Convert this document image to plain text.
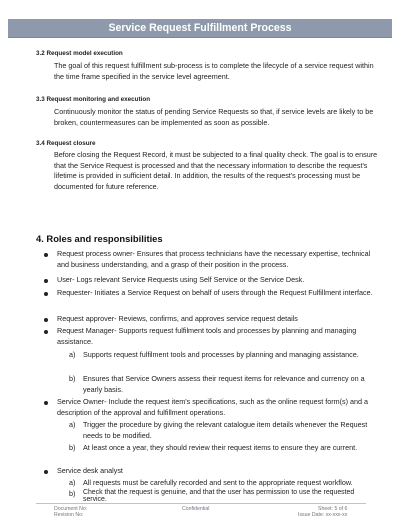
Service Request Fulfillment Process
3.2 Request model execution
The goal of this request fulfillment sub-process is to complete the lifecycle of a service request within the time frame specified in the service level agreement.
3.3 Request monitoring and execution
Continuously monitor the status of pending Service Requests so that, if service levels are likely to be broken, countermeasures can be implemented as soon as possible.
3.4 Request closure
Before closing the Request Record, it must be subjected to a final quality check. The goal is to ensure that the Service Request is processed and that the necessary information to describe the request's lifetime is provided in sufficient detail. In addition, the results of the request's processing must be documented for future reference.
4. Roles and responsibilities
Request process owner- Ensures that process technicians have the necessary expertise, technical and business understanding, and a grasp of their position in the process.
User- Logs relevant Service Requests using Self Service or the Service Desk.
Requester- Initiates a Service Request on behalf of users through the Request Fulfillment interface.
Request approver- Reviews, confirms, and approves service request details
Request Manager- Supports request fulfilment tools and processes by planning and managing assistance.
a) Supports request fulfilment tools and processes by planning and managing assistance.
b) Ensures that Service Owners assess their request items for relevance and currency on a yearly basis.
Service Owner- Include the request item's specifications, such as the online request form(s) and a description of the approval and fulfillment operations.
a) Trigger the procedure by giving the relevant catalogue item details whenever the Request needs to be modified.
b) At least once a year, they should review their request items to ensure they are current.
Service desk analyst
a) All requests must be carefully recorded and sent to the appropriate request workflow.
b) Check that the request is genuine, and that the user has permission to use the requested service.
Document No:
Revision No:
Confidential	Sheet: 5 of 6
Issue Date: xx-xxx-xx
